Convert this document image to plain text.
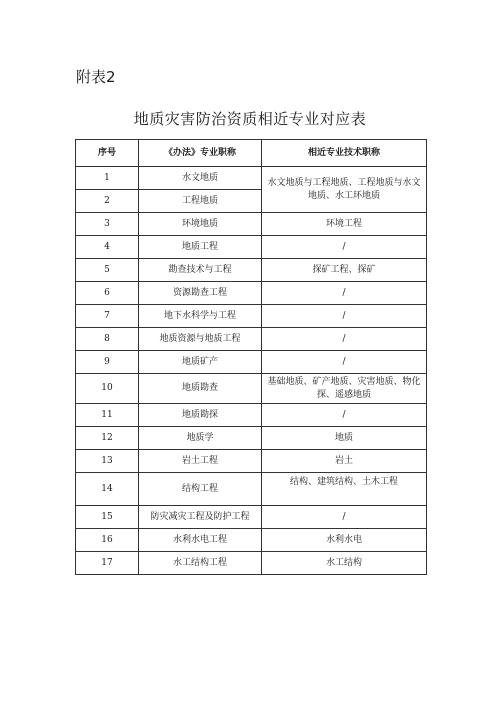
附表2
地质灾害防治资质相近专业对应表
序号	《办法》专业职称	相近专业技术职称
1	水文地质	水文地质与工程地质、工程地质与水文地质、水工环地质
2	工程地质	
3	环境地质	环境工程
4	地质工程	/
5	勘查技术与工程	探矿工程、探矿
6	资源勘查工程	/
7	地下水科学与工程	/
8	地质资源与地质工程	/
9	地质矿产	/
10	地质勘查	基础地质、矿产地质、灾害地质、物化探、遥感地质
11	地质勘探	/
12	地质学	地质
13	岩土工程	岩土
14	结构工程	结构、建筑结构、土木工程
15	防灾减灾工程及防护工程	/
16	水利水电工程	水利水电
17	水工结构工程	水工结构
